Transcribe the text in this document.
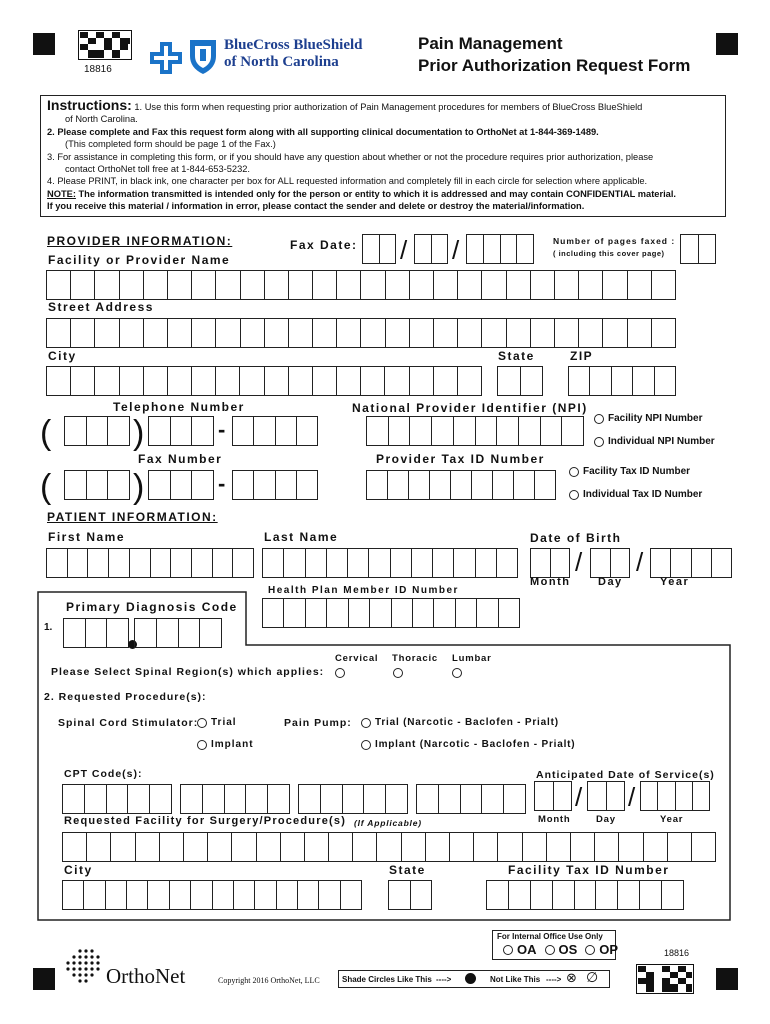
18816
BlueCross BlueShield
of North Carolina
Pain Management
Prior Authorization Request Form
Instructions: 1. Use this form when requesting prior authorization of Pain Management procedures for members of BlueCross BlueShield
of North Carolina.
2. Please complete and Fax this request form along with all supporting clinical documentation to OrthoNet at 1-844-369-1489.
(This completed form should be page 1 of the Fax.)
3. For assistance in completing this form, or if you should have any question about whether or not the procedure requires prior authorization, please
contact OrthoNet toll free at 1-844-653-5232.
4. Please PRINT, in black ink, one character per box for ALL requested information and completely fill in each circle for selection where applicable.
NOTE: The information transmitted is intended only for the person or entity to which it is addressed and may contain CONFIDENTIAL material.
If you receive this material / information in error, please contact the sender and delete or destroy the material/information.
PROVIDER INFORMATION:	Fax Date: / /	Number of pages faxed :
( including this cover page)
Facility or Provider Name
Street Address
City	State	ZIP
Telephone Number	National Provider Identifier (NPI)
( )	-	Facility NPI Number
Individual NPI Number
Fax Number	Provider Tax ID Number
( )	-	Facility Tax ID Number
Individual Tax ID Number
PATIENT INFORMATION:
First Name	Last Name	Date of Birth
/ /
Month	Day	Year
Health Plan Member ID Number
Primary Diagnosis Code
1.
Cervical Thoracic Lumbar
Please Select Spinal Region(s) which applies:
2. Requested Procedure(s):
Spinal Cord Stimulator: Trial
Implant
Pain Pump: Trial (Narcotic - Baclofen - Prialt)
Implant (Narcotic - Baclofen - Prialt)
CPT Code(s):	Anticipated Date of Service(s)
/ /
Month	Day	Year
Requested Facility for Surgery/Procedure(s) (If Applicable)
City	State	Facility Tax ID Number
For Internal Office Use Only
OA OS OP	18816
OrthoNet	Copyright 2016 OrthoNet, LLC	Shade Circles Like This ---->	Not Like This ----> ⊗ ∅
